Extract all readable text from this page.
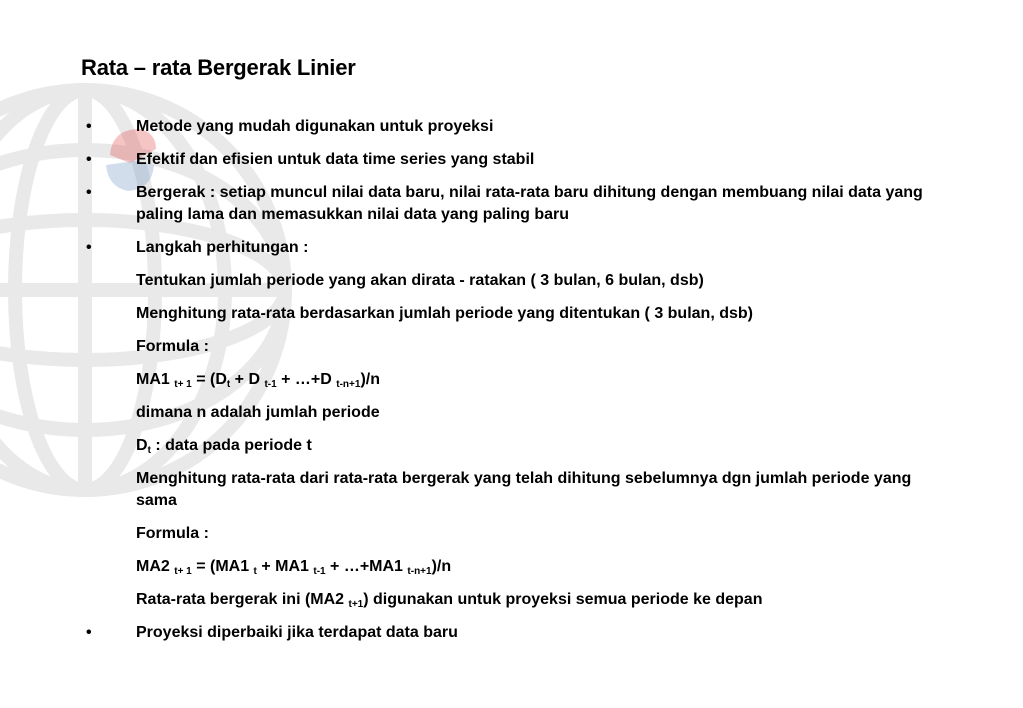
Rata – rata Bergerak Linier
•	Metode yang mudah digunakan untuk proyeksi
•	Efektif dan efisien untuk data time series yang stabil
•	Bergerak : setiap muncul nilai data baru, nilai rata-rata baru dihitung dengan membuang nilai data yang paling lama dan memasukkan nilai data yang paling baru
•	Langkah perhitungan :
Tentukan jumlah periode yang akan dirata - ratakan ( 3 bulan, 6 bulan, dsb)
Menghitung rata-rata berdasarkan jumlah periode yang ditentukan ( 3 bulan, dsb)
Formula :
MA1 $_{t+ 1} = (D_t + D$ $_{t-1}$ + …+D $_{t-n+1}$)/n
dimana n adalah jumlah periode
$D_t$ : data pada periode t
Menghitung rata-rata dari rata-rata bergerak yang telah dihitung sebelumnya dgn jumlah periode yang sama
Formula :
MA2 $_{t+ 1}$ = (MA1 $_t$ + MA1 $_{t-1}$ + …+MA1 $_{t-n+1}$)/n
Rata-rata bergerak ini (MA2 $_{t+1}$) digunakan untuk proyeksi semua periode ke depan
•	Proyeksi diperbaiki jika terdapat data baru
